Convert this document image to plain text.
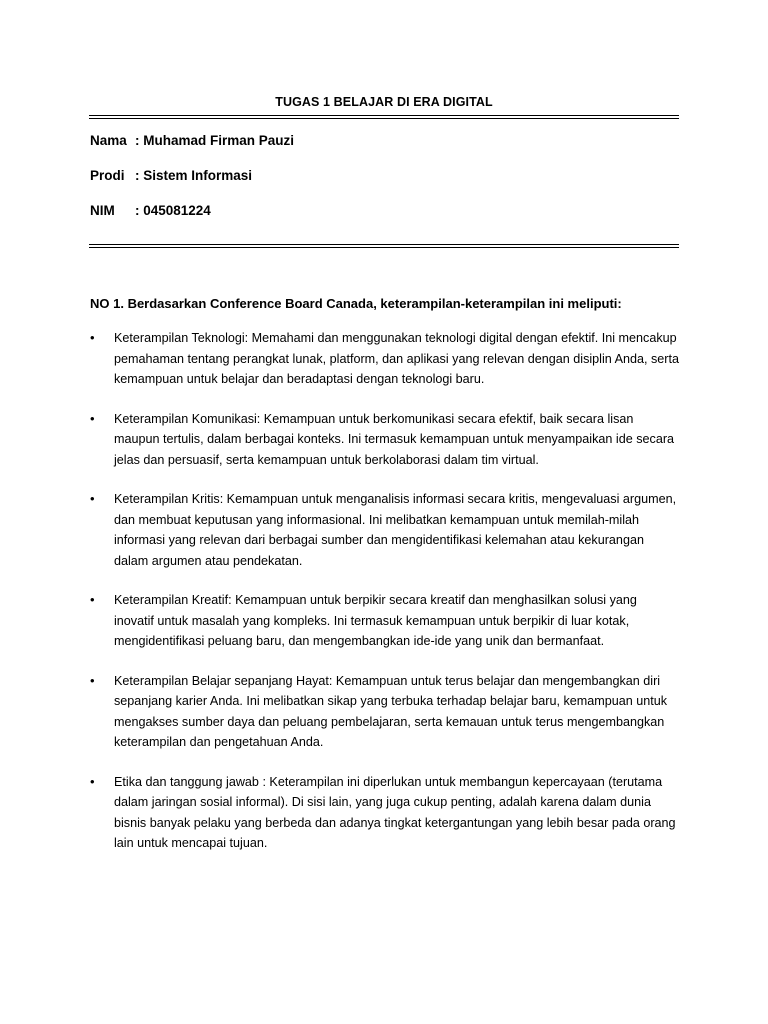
TUGAS 1 BELAJAR DI ERA DIGITAL
Nama : Muhamad Firman Pauzi
Prodi : Sistem Informasi
NIM : 045081224
NO 1. Berdasarkan Conference Board Canada, keterampilan-keterampilan ini meliputi:
• Keterampilan Teknologi: Memahami dan menggunakan teknologi digital dengan efektif. Ini mencakup pemahaman tentang perangkat lunak, platform, dan aplikasi yang relevan dengan disiplin Anda, serta kemampuan untuk belajar dan beradaptasi dengan teknologi baru.
• Keterampilan Komunikasi: Kemampuan untuk berkomunikasi secara efektif, baik secara lisan maupun tertulis, dalam berbagai konteks. Ini termasuk kemampuan untuk menyampaikan ide secara jelas dan persuasif, serta kemampuan untuk berkolaborasi dalam tim virtual.
• Keterampilan Kritis: Kemampuan untuk menganalisis informasi secara kritis, mengevaluasi argumen, dan membuat keputusan yang informasional. Ini melibatkan kemampuan untuk memilah-milah informasi yang relevan dari berbagai sumber dan mengidentifikasi kelemahan atau kekurangan dalam argumen atau pendekatan.
• Keterampilan Kreatif: Kemampuan untuk berpikir secara kreatif dan menghasilkan solusi yang inovatif untuk masalah yang kompleks. Ini termasuk kemampuan untuk berpikir di luar kotak, mengidentifikasi peluang baru, dan mengembangkan ide-ide yang unik dan bermanfaat.
• Keterampilan Belajar sepanjang Hayat: Kemampuan untuk terus belajar dan mengembangkan diri sepanjang karier Anda. Ini melibatkan sikap yang terbuka terhadap belajar baru, kemampuan untuk mengakses sumber daya dan peluang pembelajaran, serta kemauan untuk terus mengembangkan keterampilan dan pengetahuan Anda.
• Etika dan tanggung jawab : Keterampilan ini diperlukan untuk membangun kepercayaan (terutama dalam jaringan sosial informal). Di sisi lain, yang juga cukup penting, adalah karena dalam dunia bisnis banyak pelaku yang berbeda dan adanya tingkat ketergantungan yang lebih besar pada orang lain untuk mencapai tujuan.
